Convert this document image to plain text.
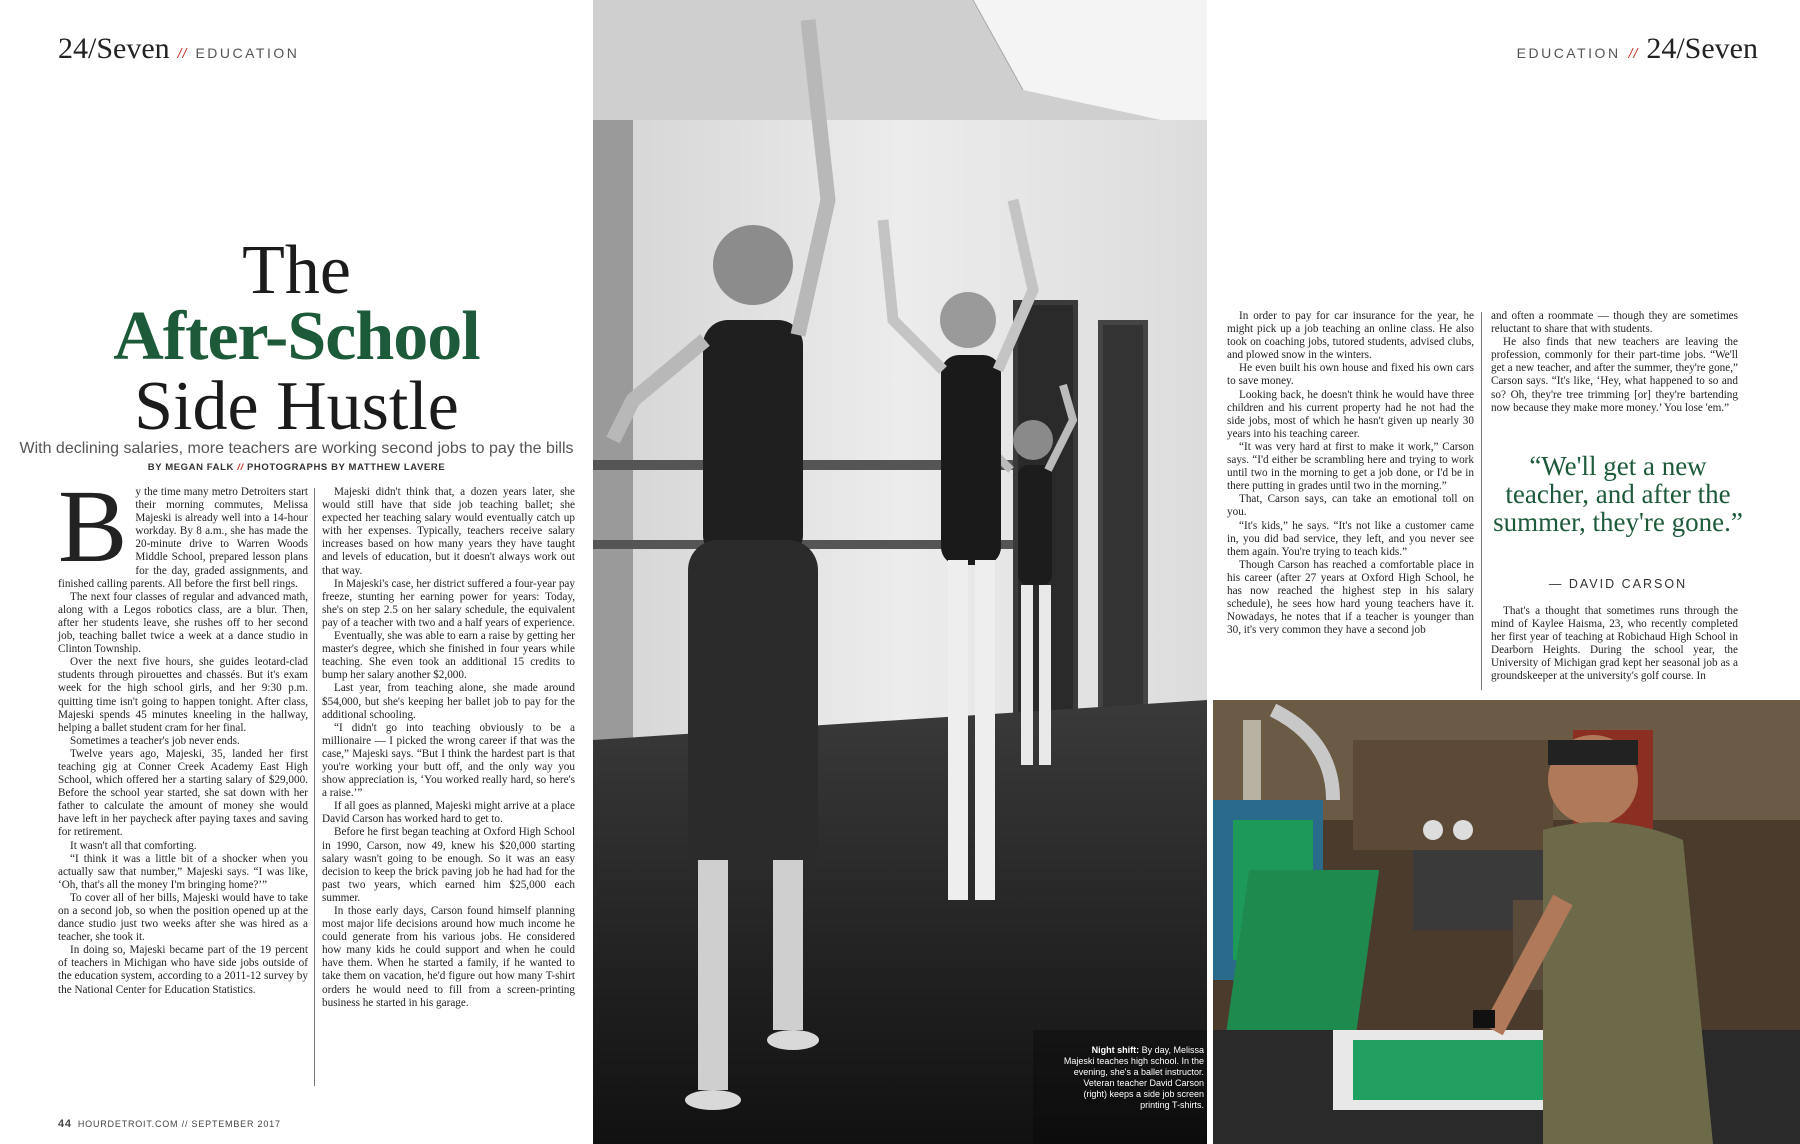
24/Seven // EDUCATION
The
After-School
Side Hustle
With declining salaries, more teachers are working second jobs to pay the bills
BY MEGAN FALK // PHOTOGRAPHS BY MATTHEW LAVERE
B y the time many metro Detroiters start their morning commutes, Melissa Majeski is already well into a 14-hour workday. By 8 a.m., she has made the 20-minute drive to Warren Woods Middle School, prepared lesson plans for the day, graded assignments, and finished calling parents. All before the first bell rings.

The next four classes of regular and advanced math, along with a Legos robotics class, are a blur. Then, after her students leave, she rushes off to her second job, teaching ballet twice a week at a dance studio in Clinton Township.

Over the next five hours, she guides leotard-clad students through pirouettes and chassés. But it's exam week for the high school girls, and her 9:30 p.m. quitting time isn't going to happen tonight. After class, Majeski spends 45 minutes kneeling in the hallway, helping a ballet student cram for her final.

Sometimes a teacher's job never ends.

Twelve years ago, Majeski, 35, landed her first teaching gig at Conner Creek Academy East High School, which offered her a starting salary of $29,000. Before the school year started, she sat down with her father to calculate the amount of money she would have left in her paycheck after paying taxes and saving for retirement.

It wasn't all that comforting.

“I think it was a little bit of a shocker when you actually saw that number,” Majeski says. “I was like, ‘Oh, that's all the money I'm bringing home?’”

To cover all of her bills, Majeski would have to take on a second job, so when the position opened up at the dance studio just two weeks after she was hired as a teacher, she took it.

In doing so, Majeski became part of the 19 percent of teachers in Michigan who have side jobs outside of the education system, according to a 2011-12 survey by the National Center for Education Statistics.

Majeski didn't think that, a dozen years later, she would still have that side job teaching ballet; she expected her teaching salary would eventually catch up with her expenses. Typically, teachers receive salary increases based on how many years they have taught and levels of education, but it doesn't always work out that way.

In Majeski's case, her district suffered a four-year pay freeze, stunting her earning power for years: Today, she's on step 2.5 on her salary schedule, the equivalent pay of a teacher with two and a half years of experience.

Eventually, she was able to earn a raise by getting her master's degree, which she finished in four years while teaching. She even took an additional 15 credits to bump her salary another $2,000.

Last year, from teaching alone, she made around $54,000, but she's keeping her ballet job to pay for the additional schooling.

“I didn't go into teaching obviously to be a millionaire — I picked the wrong career if that was the case,” Majeski says. “But I think the hardest part is that you're working your butt off, and the only way you show appreciation is, ‘You worked really hard, so here's a raise.’”

If all goes as planned, Majeski might arrive at a place David Carson has worked hard to get to.

Before he first began teaching at Oxford High School in 1990, Carson, now 49, knew his $20,000 starting salary wasn't going to be enough. So it was an easy decision to keep the brick paving job he had had for the past two years, which earned him $25,000 each summer.

In those early days, Carson found himself planning most major life decisions around how much income he could generate from his various jobs. He considered how many kids he could support and when he could have them. When he started a family, if he wanted to take them on vacation, he'd figure out how many T-shirt orders he would need to fill from a screen-printing business he started in his garage.

44 HOURDETROIT.COM // SEPTEMBER 2017
Night shift: By day, Melissa Majeski teaches high school. In the evening, she's a ballet instructor. Veteran teacher David Carson (right) keeps a side job screen printing T-shirts.
EDUCATION // 24/Seven

In order to pay for car insurance for the year, he might pick up a job teaching an online class. He also took on coaching jobs, tutored students, advised clubs, and plowed snow in the winters.

He even built his own house and fixed his own cars to save money.

Looking back, he doesn't think he would have three children and his current property had he not had the side jobs, most of which he hasn't given up nearly 30 years into his teaching career.

“It was very hard at first to make it work,” Carson says. “I'd either be scrambling here and trying to work until two in the morning to get a job done, or I'd be in there putting in grades until two in the morning.”

That, Carson says, can take an emotional toll on you.

“It's kids,” he says. “It's not like a customer came in, you did bad service, they left, and you never see them again. You're trying to teach kids.”

Though Carson has reached a comfortable place in his career (after 27 years at Oxford High School, he has now reached the highest step in his salary schedule), he sees how hard young teachers have it. Nowadays, he notes that if a teacher is younger than 30, it's very common they have a second job

and often a roommate — though they are sometimes reluctant to share that with students.

He also finds that new teachers are leaving the profession, commonly for their part-time jobs. “We'll get a new teacher, and after the summer, they're gone,” Carson says. “It's like, ‘Hey, what happened to so and so? Oh, they're tree trimming [or] they're bartending now because they make more money.’ You lose 'em.”

“We'll get a new teacher, and after the summer, they're gone.”
— DAVID CARSON

That's a thought that sometimes runs through the mind of Kaylee Haisma, 23, who recently completed her first year of teaching at Robichaud High School in Dearborn Heights. During the school year, the University of Michigan grad kept her seasonal job as a groundskeeper at the university's golf course. In
